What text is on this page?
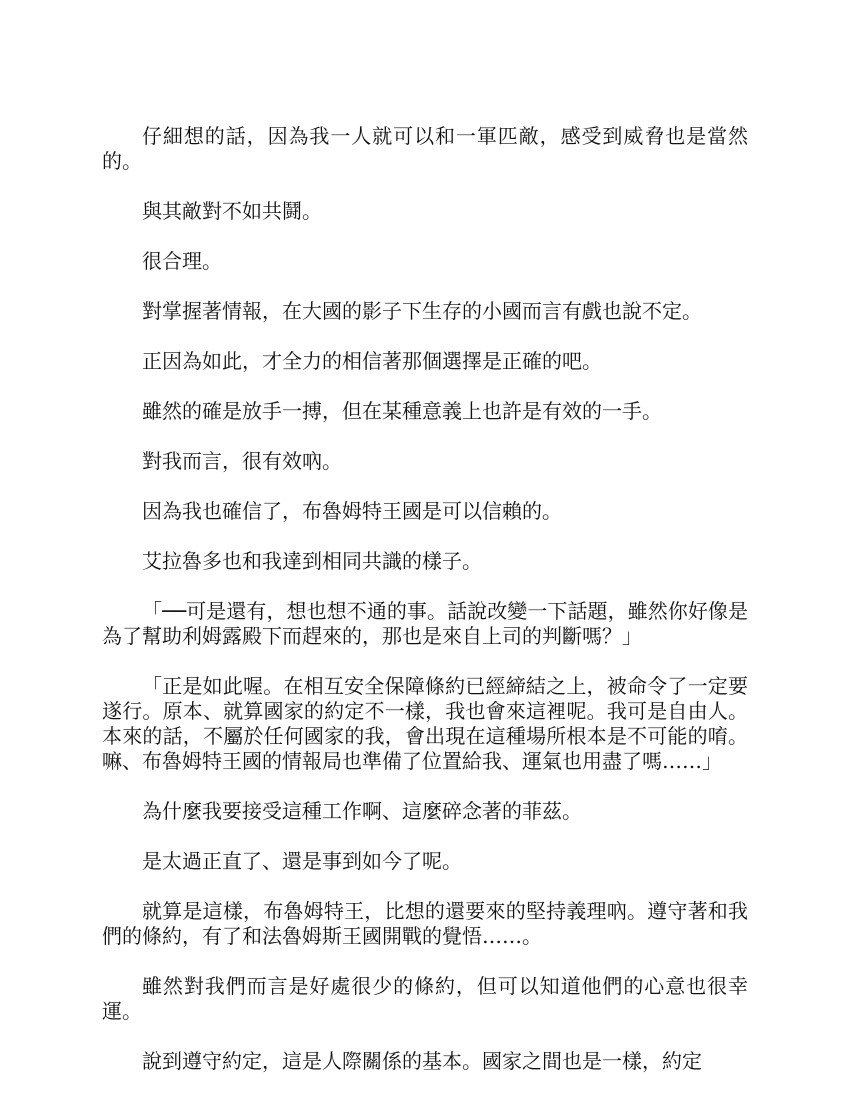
仔細想的話，因為我一人就可以和一軍匹敵，感受到威脅也是當然的。

與其敵對不如共鬪。

很合理。

對掌握著情報，在大國的影子下生存的小國而言有戲也說不定。

正因為如此，才全力的相信著那個選擇是正確的吧。

雖然的確是放手一搏，但在某種意義上也許是有效的一手。

對我而言，很有效吶。

因為我也確信了，布魯姆特王國是可以信賴的。

艾拉魯多也和我達到相同共識的樣子。

「──可是還有，想也想不通的事。話說改變一下話題，雖然你好像是為了幫助利姆露殿下而趕來的，那也是來自上司的判斷嗎？」

「正是如此喔。在相互安全保障條約已經締結之上，被命令了一定要遂行。原本、就算國家的約定不一樣，我也會來這裡呢。我可是自由人。本來的話，不屬於任何國家的我，會出現在這種場所根本是不可能的唷。嘛、布魯姆特王國的情報局也準備了位置給我、運氣也用盡了嗎……」

為什麼我要接受這種工作啊、這麼碎念著的菲茲。

是太過正直了、還是事到如今了呢。

就算是這樣，布魯姆特王，比想的還要來的堅持義理吶。遵守著和我們的條約，有了和法魯姆斯王國開戰的覺悟……。

雖然對我們而言是好處很少的條約，但可以知道他們的心意也很幸運。

說到遵守約定，這是人際關係的基本。國家之間也是一樣，約定
